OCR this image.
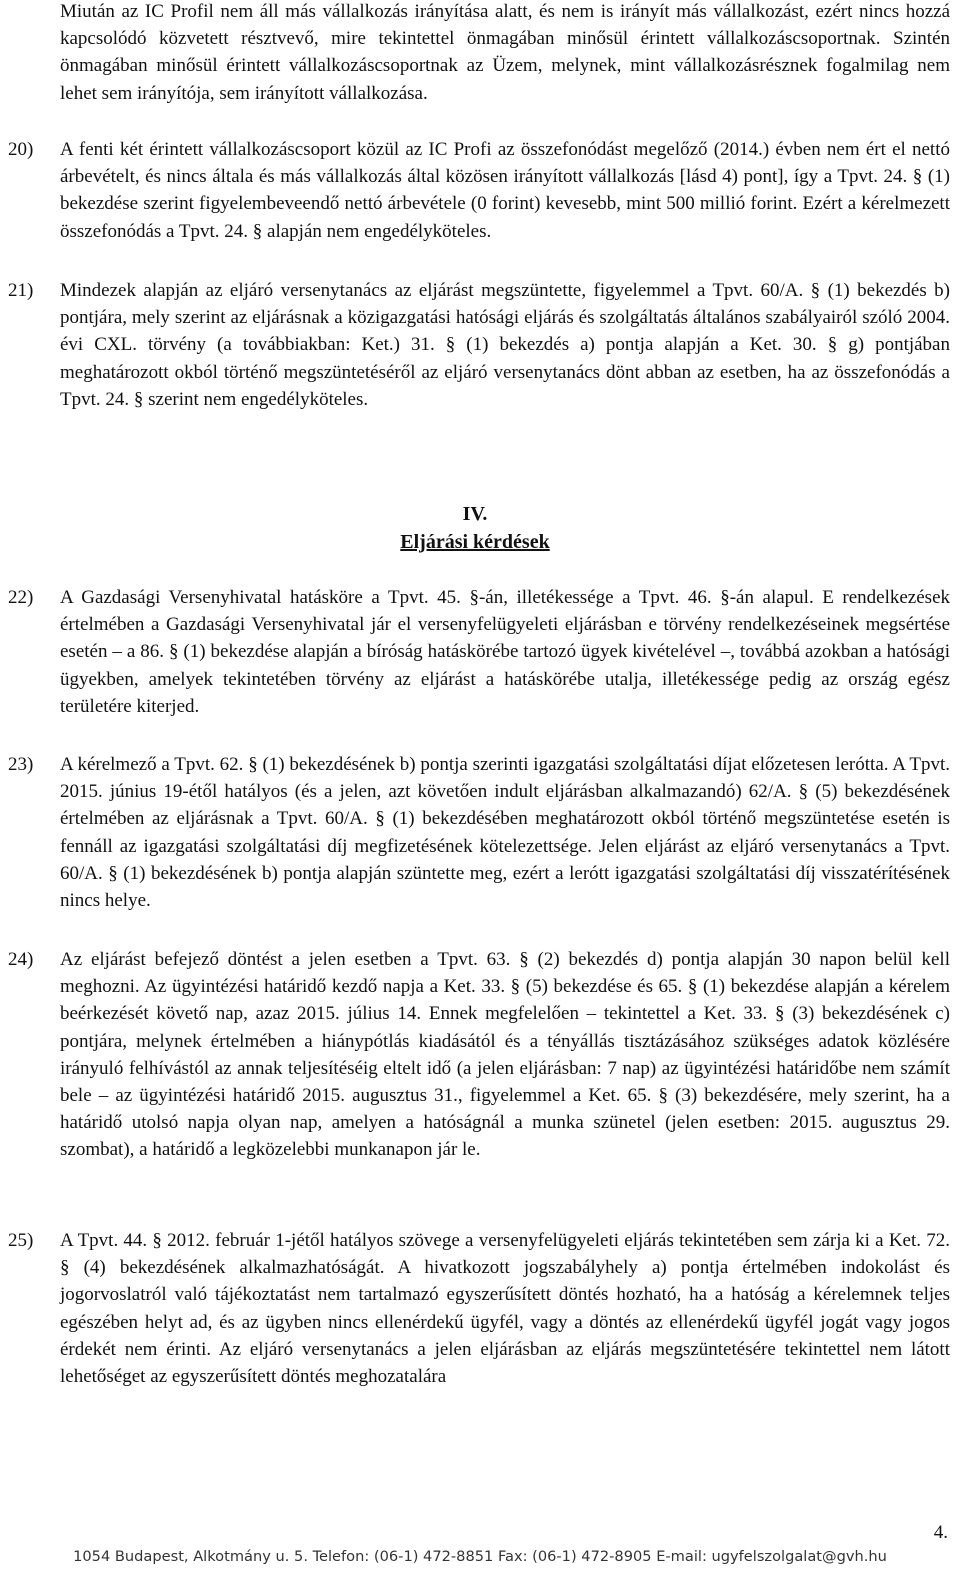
Miután az IC Profil nem áll más vállalkozás irányítása alatt, és nem is irányít más vállalkozást, ezért nincs hozzá kapcsolódó közvetett résztvevő, mire tekintettel önmagában minősül érintett vállalkozáscsoportnak. Szintén önmagában minősül érintett vállalkozáscsoportnak az Üzem, melynek, mint vállalkozásrésznek fogalmilag nem lehet sem irányítója, sem irányított vállalkozása.
20)	A fenti két érintett vállalkozáscsoport közül az IC Profi az összefonódást megelőző (2014.) évben nem ért el nettó árbevételt, és nincs általa és más vállalkozás által közösen irányított vállalkozás [lásd 4) pont], így a Tpvt. 24. § (1) bekezdése szerint figyelembeveendő nettó árbevétele (0 forint) kevesebb, mint 500 millió forint. Ezért a kérelmezett összefonódás a Tpvt. 24. § alapján nem engedélyköteles.
21)	Mindezek alapján az eljáró versenytanács az eljárást megszüntette, figyelemmel a Tpvt. 60/A. § (1) bekezdés b) pontjára, mely szerint az eljárásnak a közigazgatási hatósági eljárás és szolgáltatás általános szabályairól szóló 2004. évi CXL. törvény (a továbbiakban: Ket.) 31. § (1) bekezdés a) pontja alapján a Ket. 30. § g) pontjában meghatározott okból történő megszüntetéséről az eljáró versenytanács dönt abban az esetben, ha az összefonódás a Tpvt. 24. § szerint nem engedélyköteles.
IV.
Eljárási kérdések
22)	A Gazdasági Versenyhivatal hatásköre a Tpvt. 45. §-án, illetékessége a Tpvt. 46. §-án alapul. E rendelkezések értelmében a Gazdasági Versenyhivatal jár el versenyfelügyeleti eljárásban e törvény rendelkezéseinek megsértése esetén – a 86. § (1) bekezdése alapján a bíróság hatáskörébe tartozó ügyek kivételével –, továbbá azokban a hatósági ügyekben, amelyek tekintetében törvény az eljárást a hatáskörébe utalja, illetékessége pedig az ország egész területére kiterjed.
23)	A kérelmező a Tpvt. 62. § (1) bekezdésének b) pontja szerinti igazgatási szolgáltatási díjat előzetesen lerótta. A Tpvt. 2015. június 19-étől hatályos (és a jelen, azt követően indult eljárásban alkalmazandó) 62/A. § (5) bekezdésének értelmében az eljárásnak a Tpvt. 60/A. § (1) bekezdésében meghatározott okból történő megszüntetése esetén is fennáll az igazgatási szolgáltatási díj megfizetésének kötelezettsége. Jelen eljárást az eljáró versenytanács a Tpvt. 60/A. § (1) bekezdésének b) pontja alapján szüntette meg, ezért a lerótt igazgatási szolgáltatási díj visszatérítésének nincs helye.
24)	Az eljárást befejező döntést a jelen esetben a Tpvt. 63. § (2) bekezdés d) pontja alapján 30 napon belül kell meghozni. Az ügyintézési határidő kezdő napja a Ket. 33. § (5) bekezdése és 65. § (1) bekezdése alapján a kérelem beérkezését követő nap, azaz 2015. július 14. Ennek megfelelően – tekintettel a Ket. 33. § (3) bekezdésének c) pontjára, melynek értelmében a hiánypótlás kiadásától és a tényállás tisztázásához szükséges adatok közlésére irányuló felhívástól az annak teljesítéséig eltelt idő (a jelen eljárásban: 7 nap) az ügyintézési határidőbe nem számít bele – az ügyintézési határidő 2015. augusztus 31., figyelemmel a Ket. 65. § (3) bekezdésére, mely szerint, ha a határidő utolsó napja olyan nap, amelyen a hatóságnál a munka szünetel (jelen esetben: 2015. augusztus 29. szombat), a határidő a legközelebbi munkanapon jár le.
25)	A Tpvt. 44. § 2012. február 1-jétől hatályos szövege a versenyfelügyeleti eljárás tekintetében sem zárja ki a Ket. 72. § (4) bekezdésének alkalmazhatóságát. A hivatkozott jogszabályhely a) pontja értelmében indokolást és jogorvoslatról való tájékoztatást nem tartalmazó egyszerűsített döntés hozható, ha a hatóság a kérelemnek teljes egészében helyt ad, és az ügyben nincs ellenérdekű ügyfél, vagy a döntés az ellenérdekű ügyfél jogát vagy jogos érdekét nem érinti. Az eljáró versenytanács a jelen eljárásban az eljárás megszüntetésére tekintettel nem látott lehetőséget az egyszerűsített döntés meghozatalára
4.
1054 Budapest, Alkotmány u. 5. Telefon: (06-1) 472-8851 Fax: (06-1) 472-8905 E-mail: ugyfelszolgalat@gvh.hu
